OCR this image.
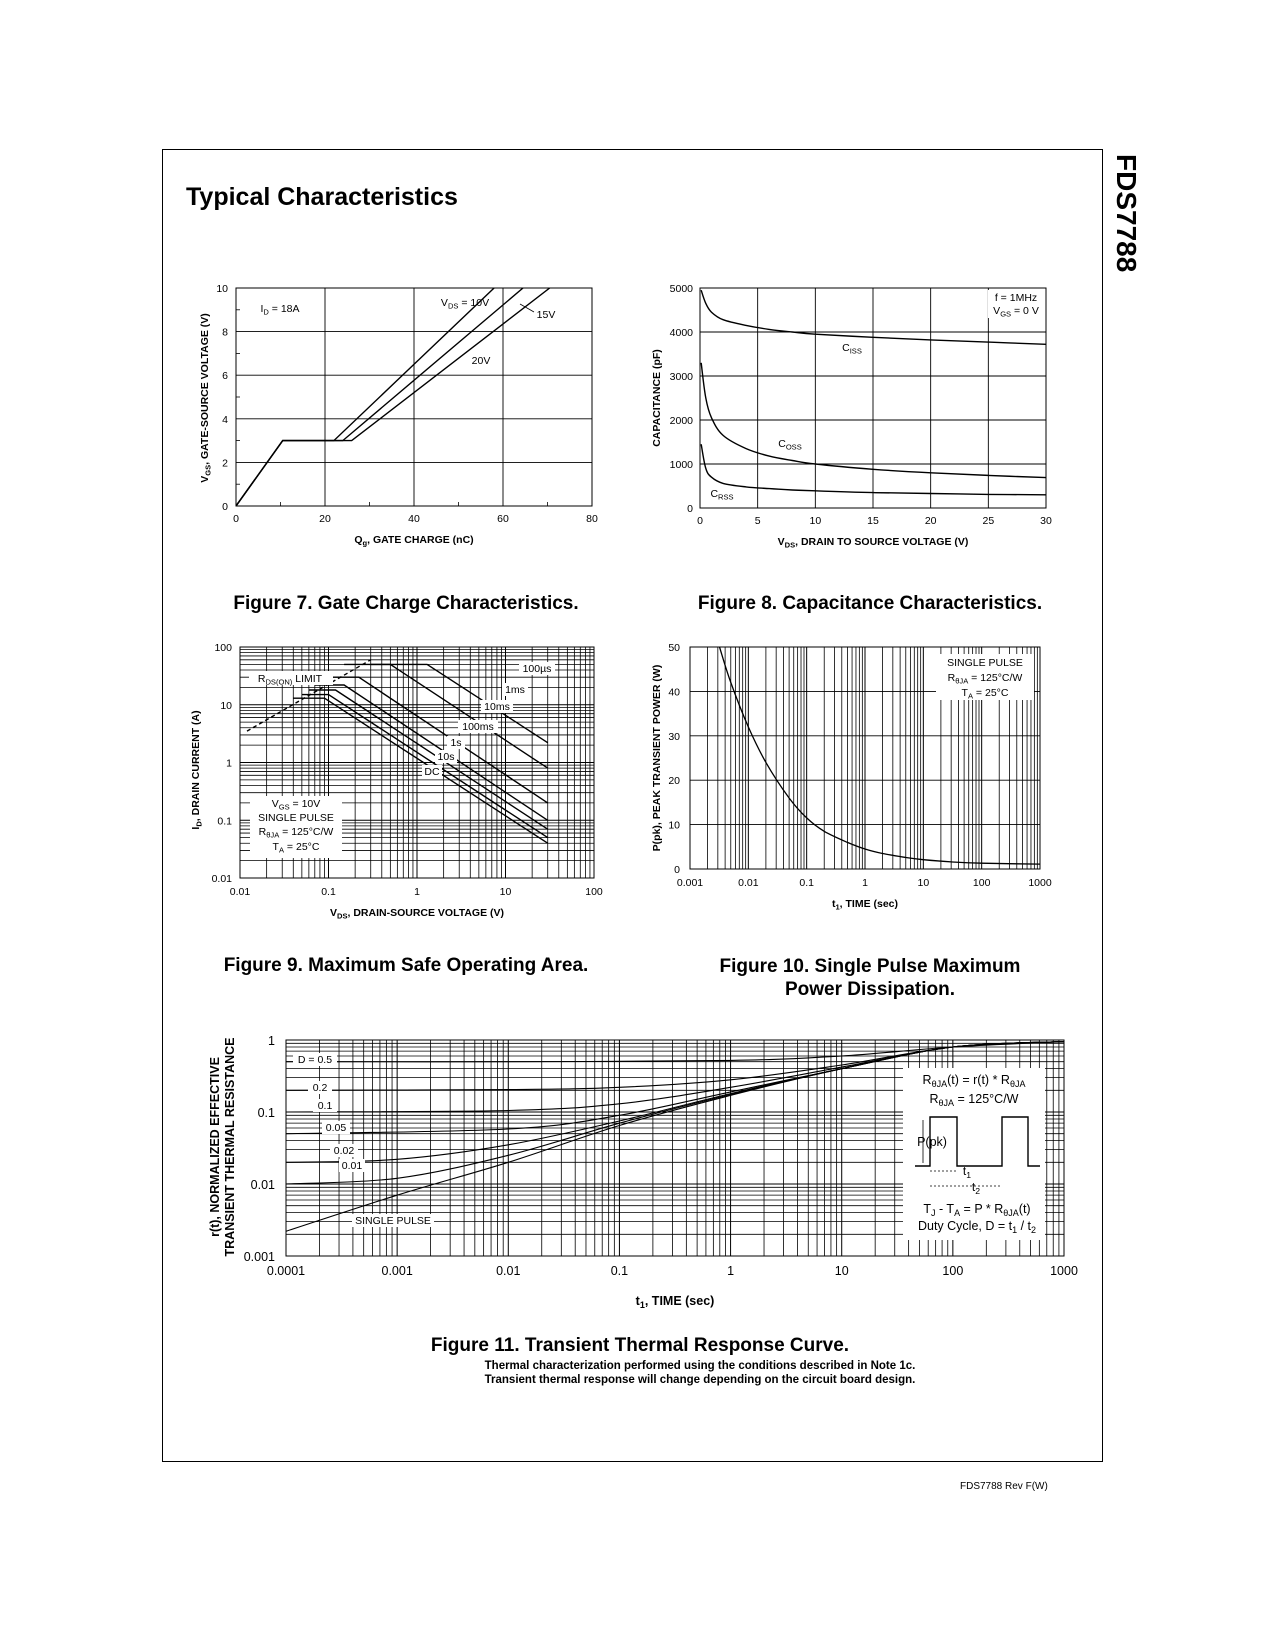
Typical Characteristics	FDS7788
0	20	40	60	80
0
2
4
6
8
10
$I_D = 18A$	$V_{DS} = 10V$
15V
20V
$Q_g$, GATE CHARGE (nC)
$V_{GS}$, GATE-SOURCE VOLTAGE (V)
0	5	10	15	20	25	30
0
1000
2000
3000
4000
5000
f = 1MHz
$V_{GS} = 0$ V
$C_{ISS}$
$C_{OSS}$
$C_{RSS}$
$V_{DS}$, DRAIN TO SOURCE VOLTAGE (V)
CAPACITANCE (pF)
0.01	0.1	1	10	100
0.01
0.1
1
10
100
100µs
1ms
10ms
100ms
1s
10s
DC
$R_{DS(ON)}$ LIMIT
$V_{GS} = 10V$
SINGLE PULSE
$R_{\theta JA} = 125^\circ C/W$
$T_A = 25^\circ C$
$V_{DS}$, DRAIN-SOURCE VOLTAGE (V)
$I_D$, DRAIN CURRENT (A)
0.001	0.01	0.1	1	10	100	1000
0
10
20
30
40
50
SINGLE PULSE
$R_{\theta JA} = 125^\circ C/W$
$T_A = 25^\circ C$
$t_1$, TIME (sec)
P(pk), PEAK TRANSIENT POWER (W)
0.0001	0.001	0.01	0.1	1	10	100	1000
0.001
0.01
0.1
1
D = 0.5
0.2
0.1
0.05
0.02
0.01
SINGLE PULSE
$R_{\theta JA}(t) = r(t) * R_{\theta JA}$
$R_{\theta JA} = 125^\circ C/W$
P(pk)
$t_1$
$t_2$
$T_J - T_A = P * R_{\theta JA}(t)$
Duty Cycle, $D = t_1 / t_2$
$t_1$, TIME (sec)
r(t), NORMALIZED EFFECTIVE TRANSIENT THERMAL RESISTANCE
Figure 7. Gate Charge Characteristics.	Figure 8. Capacitance Characteristics.
Figure 9. Maximum Safe Operating Area.	Figure 10. Single Pulse Maximum
Power Dissipation.
Figure 11. Transient Thermal Response Curve.
Thermal characterization performed using the conditions described in Note 1c.
Transient thermal response will change depending on the circuit board design.
FDS7788 Rev F(W)
